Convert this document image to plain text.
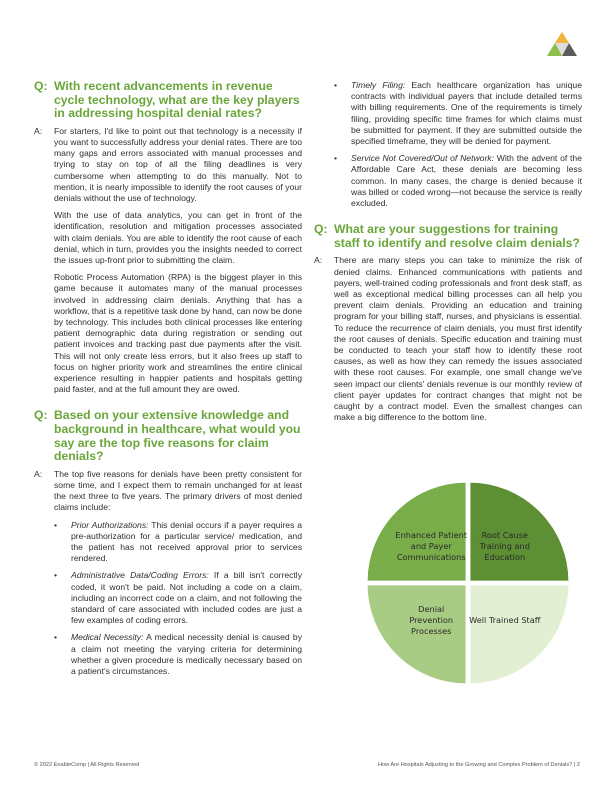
Q: With recent advancements in revenue cycle technology, what are the key players in addressing hospital denial rates?
A: For starters, I'd like to point out that technology is a necessity if you want to successfully address your denial rates. There are too many gaps and errors associated with manual processes and trying to stay on top of all the filing deadlines is very cumbersome when attempting to do this manually. Not to mention, it is nearly impossible to identify the root causes of your denials without the use of technology.

With the use of data analytics, you can get in front of the identification, resolution and mitigation processes associated with claim denials. You are able to identify the root cause of each denial, which in turn, provides you the insights needed to correct the issues up-front prior to submitting the claim.

Robotic Process Automation (RPA) is the biggest player in this game because it automates many of the manual processes involved in addressing claim denials. Anything that has a workflow, that is a repetitive task done by hand, can now be done by technology. This includes both clinical processes like entering patient demographic data during registration or sending out patient invoices and tracking past due payments after the visit. This will not only create less errors, but it also frees up staff to focus on higher priority work and streamlines the entire clinical experience resulting in happier patients and hospitals getting paid faster, and at the full amount they are owed.

Q: Based on your extensive knowledge and background in healthcare, what would you say are the top five reasons for claim denials?
A: The top five reasons for denials have been pretty consistent for some time, and I expect them to remain unchanged for at least the next three to five years. The primary drivers of most denied claims include:

• Prior Authorizations: This denial occurs if a payer requires a pre-authorization for a particular service/ medication, and the patient has not received approval prior to services rendered.
• Administrative Data/Coding Errors: If a bill isn't correctly coded, it won't be paid. Not including a code on a claim, including an incorrect code on a claim, and not following the standard of care associated with included codes are just a few examples of coding errors.
• Medical Necessity: A medical necessity denial is caused by a claim not meeting the varying criteria for determining whether a given procedure is medically necessary based on a patient's circumstances.
• Timely Filing: Each healthcare organization has unique contracts with individual payers that include detailed terms with billing requirements. One of the requirements is timely filing, providing specific time frames for which claims must be submitted for payment. If they are submitted outside the specified timeframe, they will be denied for payment.
• Service Not Covered/Out of Network: With the advent of the Affordable Care Act, these denials are becoming less common. In many cases, the charge is denied because it was billed or coded wrong—not because the service is really excluded.
Q: What are your suggestions for training staff to identify and resolve claim denials?
A: There are many steps you can take to minimize the risk of denied claims. Enhanced communications with patients and payers, well-trained coding professionals and front desk staff, as well as exceptional medical billing processes can all help you prevent claim denials. Providing an education and training program for your billing staff, nurses, and physicians is essential. To reduce the recurrence of claim denials, you must first identify the root causes of denials. Specific education and training must be conducted to teach your staff how to identify these root causes, as well as how they can remedy the issues associated with these root causes. For example, one small change we've seen impact our clients' denials revenue is our monthly review of client payer updates for contract changes that might not be caught by a contract model. Even the smallest changes can make a big difference to the bottom line.

Enhanced Patient and Payer Communications
Root Cause Training and Education
Well Trained Staff
Denial Prevention Processes
© 2022 EnableComp | All Rights Reserved	How Are Hospitals Adjusting to the Growing and Complex Problem of Denials? | 2
